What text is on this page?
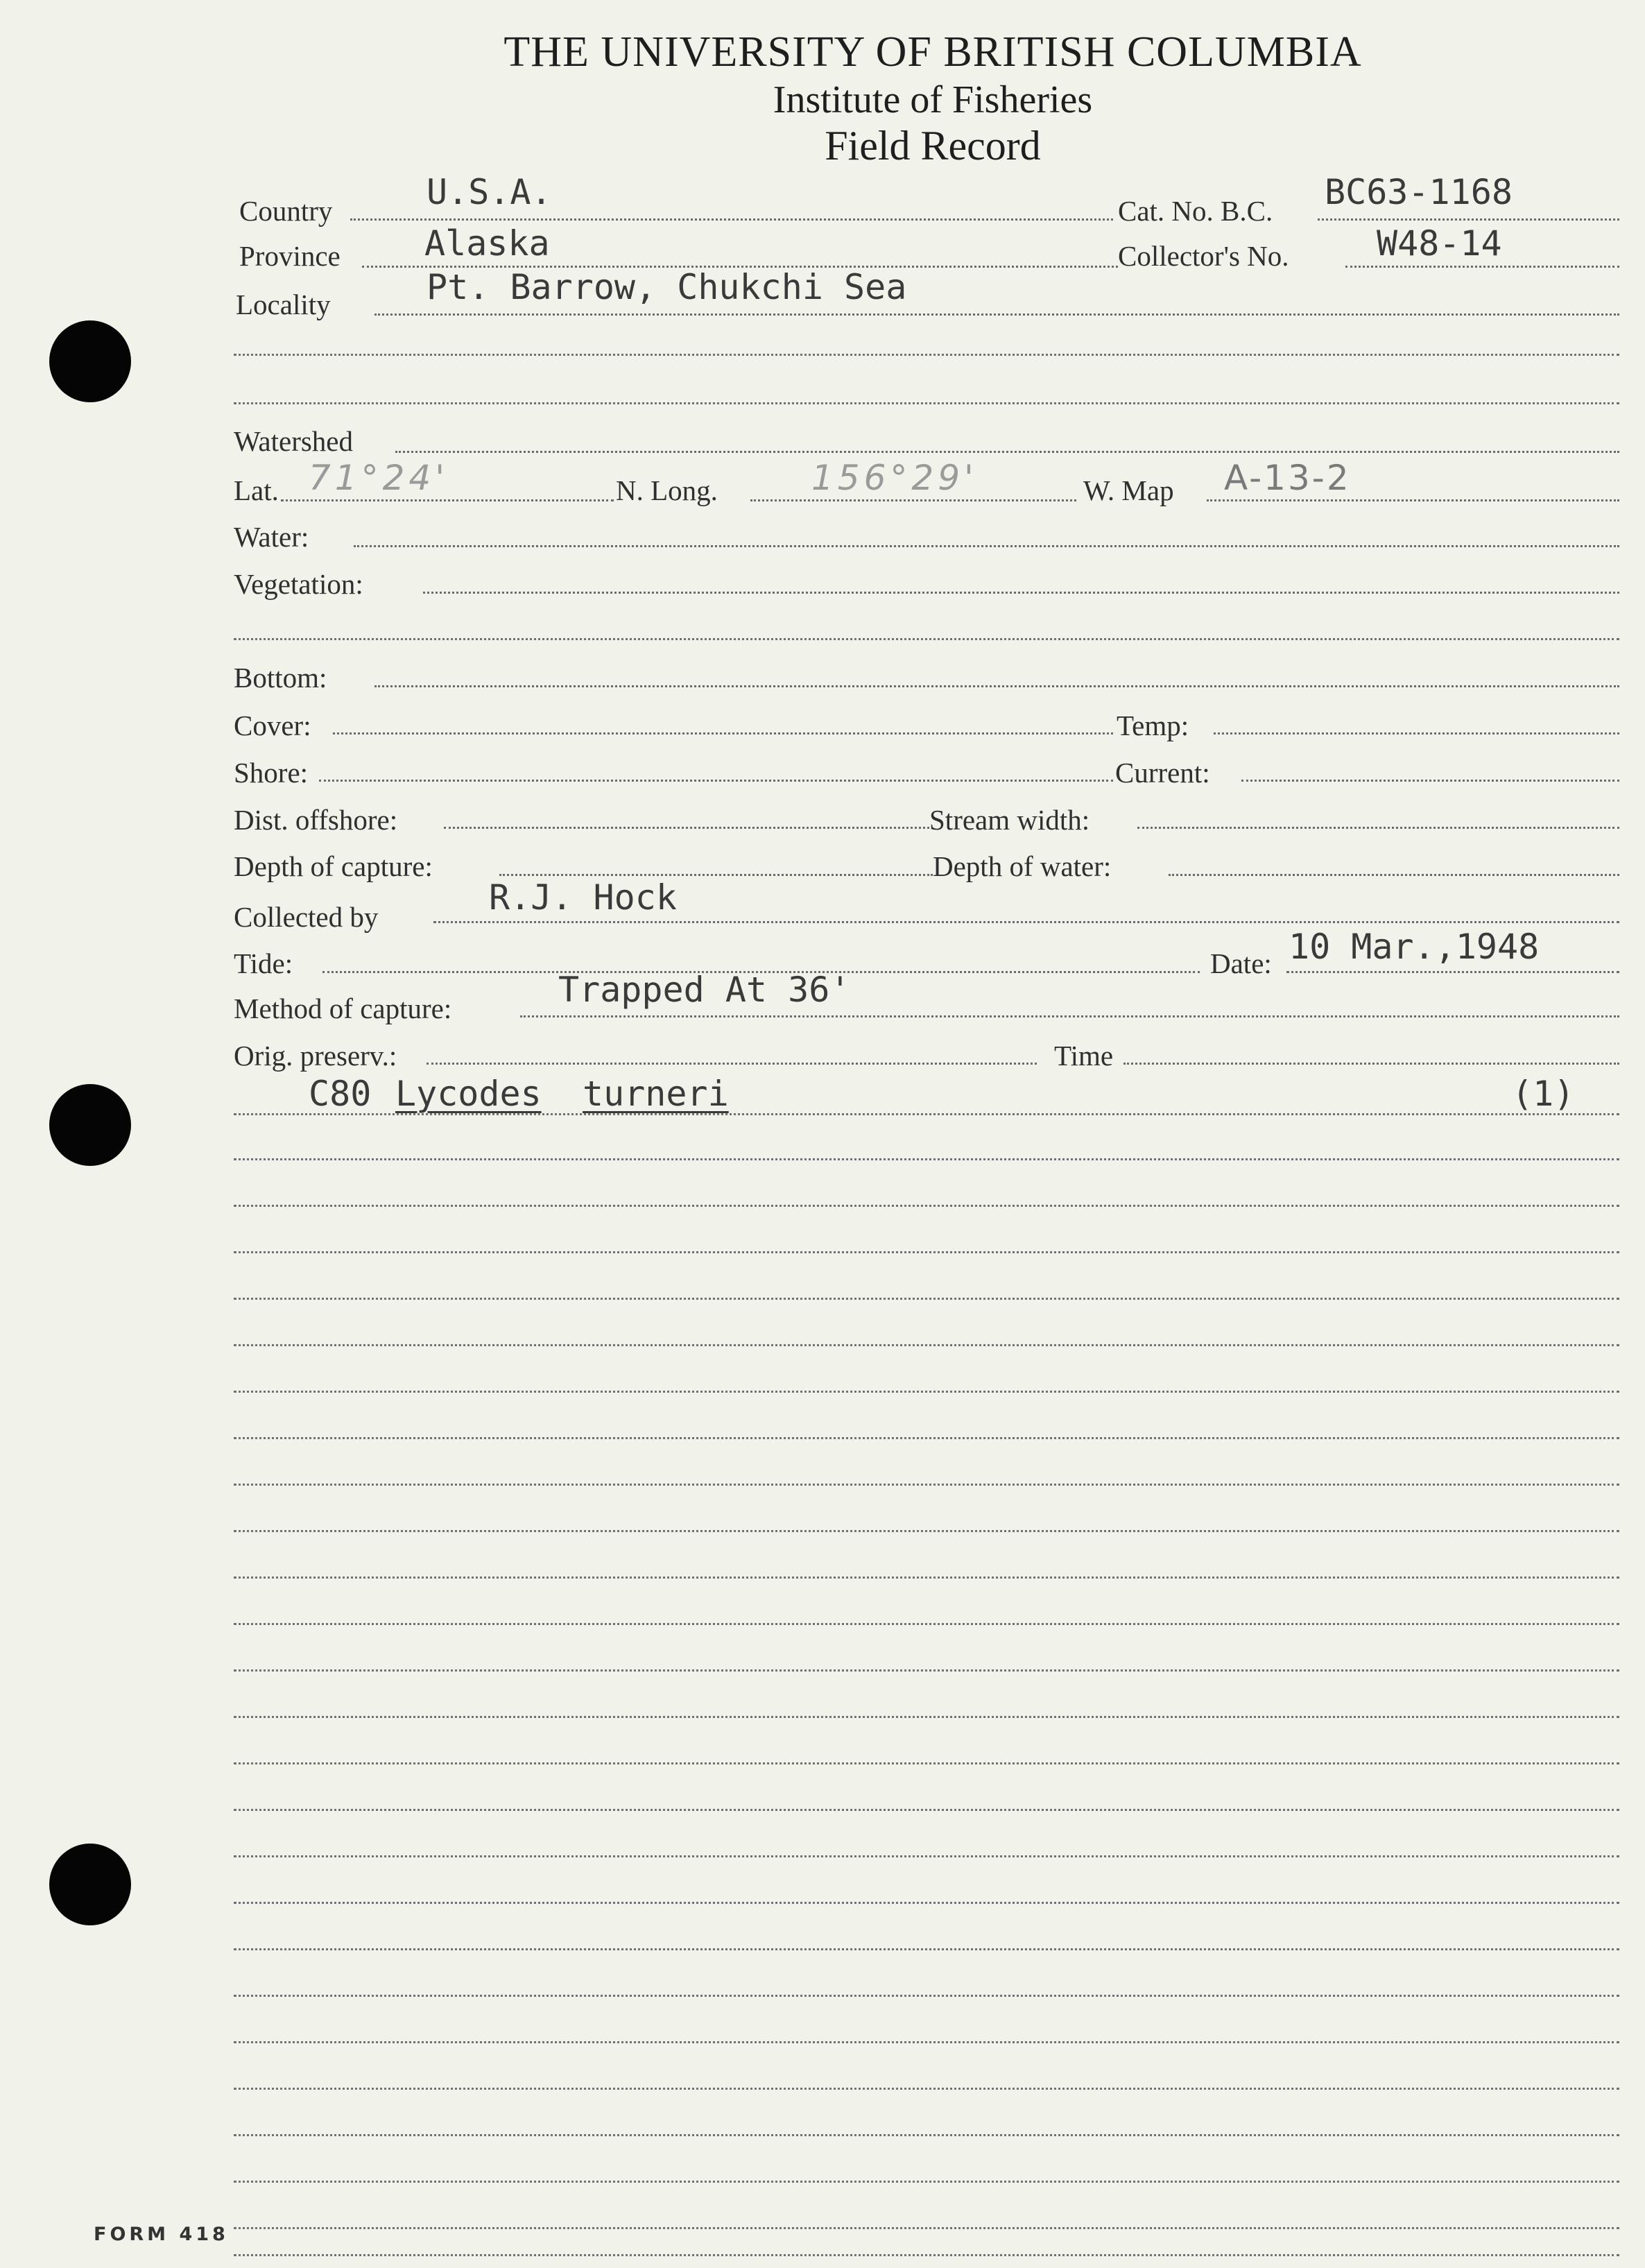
THE UNIVERSITY OF BRITISH COLUMBIA
Institute of Fisheries
Field Record
Country	U.S.A.	Cat. No. B.C. BC63-1168
Province Alaska	Collector's No.	W48-14
Locality	Pt. Barrow, Chukchi Sea
Watershed
Lat. 71°24'	N. Long.	156°29'	W. Map A-13-2
Water:
Vegetation:
Bottom:
Cover:	Temp:
Shore:	Current:
Dist. offshore:	Stream width:
Depth of capture:	Depth of water:
Collected by	R.J. Hock
Tide:	Date: 10 Mar.,1948
Method of capture:	Trapped At 36'
Orig. preserv.:	Time
C80 Lycodes turneri	(1)
FORM 418
